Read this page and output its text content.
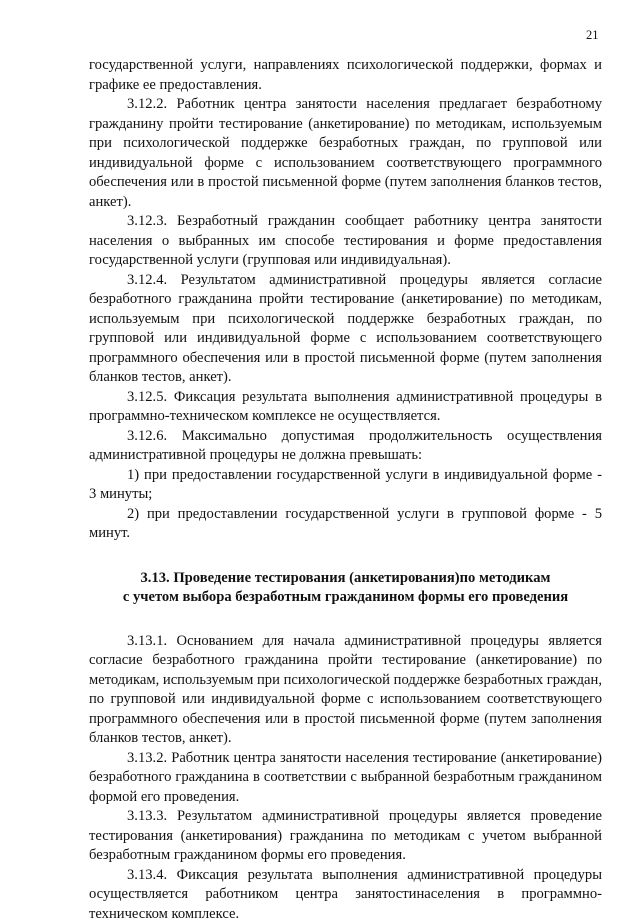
21

государственной услуги, направлениях психологической поддержки, формах и графике ее предоставления.

3.12.2. Работник центра занятости населения предлагает безработному гражданину пройти тестирование (анкетирование) по методикам, используемым при психологической поддержке безработных граждан, по групповой или индивидуальной форме с использованием соответствующего программного обеспечения или в простой письменной форме (путем заполнения бланков тестов, анкет).

3.12.3. Безработный гражданин сообщает работнику центра занятости населения о выбранных им способе тестирования и форме предоставления государственной услуги (групповая или индивидуальная).

3.12.4. Результатом административной процедуры является согласие безработного гражданина пройти тестирование (анкетирование) по методикам, используемым при психологической поддержке безработных граждан, по групповой или индивидуальной форме с использованием соответствующего программного обеспечения или в простой письменной форме (путем заполнения бланков тестов, анкет).

3.12.5. Фиксация результата выполнения административной процедуры в программно-техническом комплексе не осуществляется.

3.12.6. Максимально допустимая продолжительность осуществления административной процедуры не должна превышать:

1) при предоставлении государственной услуги в индивидуальной форме - 3 минуты;

2) при предоставлении государственной услуги в групповой форме - 5 минут.

3.13. Проведение тестирования (анкетирования)по методикам
с учетом выбора безработным гражданином формы его проведения

3.13.1. Основанием для начала административной процедуры является согласие безработного гражданина пройти тестирование (анкетирование) по методикам, используемым при психологической поддержке безработных граждан, по групповой или индивидуальной форме с использованием соответствующего программного обеспечения или в простой письменной форме (путем заполнения бланков тестов, анкет).

3.13.2. Работник центра занятости населения тестирование (анкетирование) безработного гражданина в соответствии с выбранной безработным гражданином формой его проведения.

3.13.3. Результатом административной процедуры является проведение тестирования (анкетирования) гражданина по методикам с учетом выбранной безработным гражданином формы его проведения.

3.13.4. Фиксация результата выполнения административной процедуры осуществляется работником центра занятостинаселения в программно-техническом комплексе.
